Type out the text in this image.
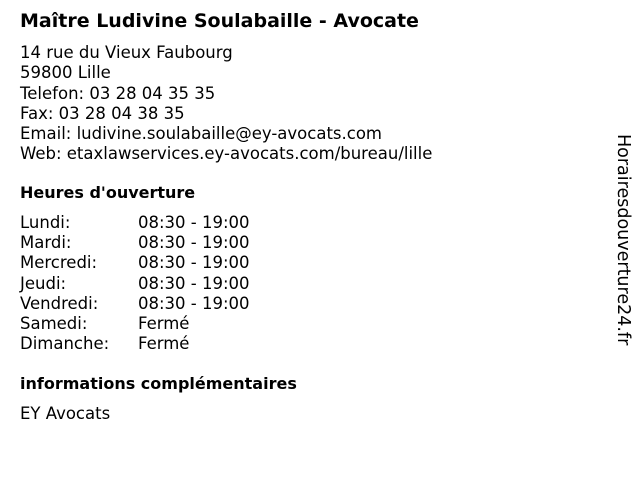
Maître Ludivine Soulabaille - Avocate
14 rue du Vieux Faubourg
59800 Lille
Telefon: 03 28 04 35 35
Fax: 03 28 04 38 35
Email: ludivine.soulabaille@ey-avocats.com
Web: etaxlawservices.ey-avocats.com/bureau/lille
Heures d'ouverture
Lundi:	08:30 - 19:00
Mardi:	08:30 - 19:00
Mercredi:	08:30 - 19:00
Jeudi:	08:30 - 19:00
Vendredi:	08:30 - 19:00
Samedi:	Fermé
Dimanche:	Fermé
informations complémentaires
EY Avocats
Horairesdouverture24.fr
